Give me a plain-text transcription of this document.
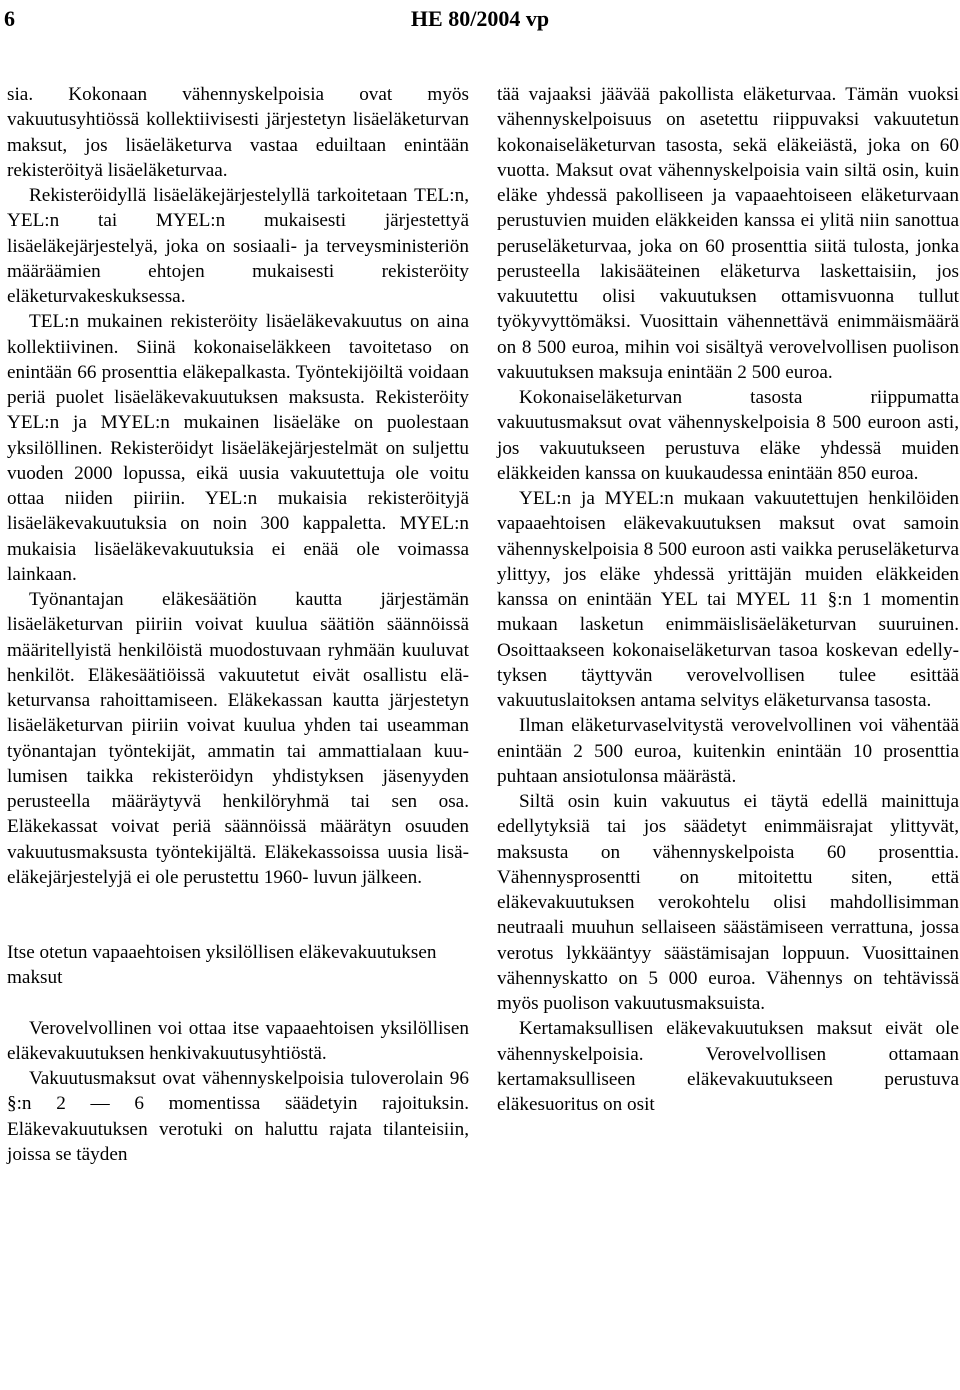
6	HE 80/2004 vp

sia. Kokonaan vähennyskelpoisia ovat myös vakuutusyhtiössä kollektiivisesti järjestetyn lisäeläketurvan maksut, jos lisäeläketurva vastaa eduiltaan enintään rekisteröityä lisäeläketurvaa.

Rekisteröidyllä lisäeläkejärjestelyllä tarkoitetaan TEL:n, YEL:n tai MYEL:n mukaisesti järjestettyä lisäeläkejärjestelyä, joka on sosiaali- ja terveysministeriön määräämien ehtojen mukaisesti rekisteröity eläketurvakeskuksessa.

TEL:n mukainen rekisteröity lisäeläkevakuutus on aina kollektiivinen. Siinä kokonaiseläkkeen tavoitetaso on enintään 66 prosenttia eläkepalkasta. Työntekijöiltä voidaan periä puolet lisäeläkevakuutuksen maksusta. Rekisteröity YEL:n ja MYEL:n mukainen lisäeläke on puolestaan yksilöllinen. Rekisteröidyt lisäeläkejärjestelmät on suljettu vuoden 2000 lopussa, eikä uusia vakuutettuja ole voitu ottaa niiden piiriin. YEL:n mukaisia rekisteröityjä lisäeläkevakuutuksia on noin 300 kappaletta. MYEL:n mukaisia lisäeläkevakuutuksia ei enää ole voimassa lainkaan.

Työnantajan eläkesäätiön kautta järjestämän lisäeläketurvan piiriin voivat kuulua säätiön säännöissä määritellyistä henkilöistä muodostuvaan ryhmään kuuluvat henkilöt. Eläkesäätiöissä vakuutetut eivät osallistu eläketurvansa rahoittamiseen. Eläkekassan kautta järjestetyn lisäeläketurvan piiriin voivat kuulua yhden tai useamman työnantajan työntekijät, ammatin tai ammattialaan kuulumisen taikka rekisteröidyn yhdistyksen jäsenyyden perusteella määräytyvä henkilöryhmä tai sen osa. Eläkekassat voivat periä säännöissä määrätyn osuuden vakuutusmaksusta työntekijältä. Eläkekassoissa uusia lisäeläkejärjestelyjä ei ole perustettu 1960- luvun jälkeen.

Itse otetun vapaaehtoisen yksilöllisen eläkevakuutuksen maksut

Verovelvollinen voi ottaa itse vapaaehtoisen yksilöllisen eläkevakuutuksen henkivakuutusyhtiöstä.

Vakuutusmaksut ovat vähennyskelpoisia tuloverolain 96 §:n 2 — 6 momentissa säädetyin rajoituksin. Eläkevakuutuksen verotuki on haluttu rajata tilanteisiin, joissa se täyden

tää vajaaksi jäävää pakollista eläketurvaa. Tämän vuoksi vähennyskelpoisuus on asetettu riippuvaksi vakuutetun kokonaiseläketurvan tasosta, sekä eläkeiästä, joka on 60 vuotta. Maksut ovat vähennyskelpoisia vain siltä osin, kuin eläke yhdessä pakolliseen ja vapaaehtoiseen eläketurvaan perustuvien muiden eläkkeiden kanssa ei ylitä niin sanottua peruseläketurvaa, joka on 60 prosenttia siitä tulosta, jonka perusteella lakisääteinen eläketurva laskettaisiin, jos vakuutettu olisi vakuutuksen ottamisvuonna tullut työkyvyttömäksi. Vuosittain vähennettävä enimmäismäärä on 8 500 euroa, mihin voi sisältyä verovelvollisen puolison vakuutuksen maksuja enintään 2 500 euroa.

Kokonaiseläketurvan tasosta riippumatta vakuutusmaksut ovat vähennyskelpoisia 8 500 euroon asti, jos vakuutukseen perustuva eläke yhdessä muiden eläkkeiden kanssa on kuukaudessa enintään 850 euroa.

YEL:n ja MYEL:n mukaan vakuutettujen henkilöiden vapaaehtoisen eläkevakuutuksen maksut ovat samoin vähennyskelpoisia 8 500 euroon asti vaikka peruseläketurva ylittyy, jos eläke yhdessä yrittäjän muiden eläkkeiden kanssa on enintään YEL tai MYEL 11 §:n 1 momentin mukaan lasketun enimmäislisäeläketurvan suuruinen. Osoittaakseen kokonaiseläketurvan tasoa koskevan edellytyksen täyttyvän verovelvollisen tulee esittää vakuutuslaitoksen antama selvitys eläketurvansa tasosta.

Ilman eläketurvaselvitystä verovelvollinen voi vähentää enintään 2 500 euroa, kuitenkin enintään 10 prosenttia puhtaan ansiotulonsa määrästä.

Siltä osin kuin vakuutus ei täytä edellä mainittuja edellytyksiä tai jos säädetyt enimmäisrajat ylittyvät, maksusta on vähennyskelpoista 60 prosenttia. Vähennysprosentti on mitoitettu siten, että eläkevakuutuksen verokohtelu olisi mahdollisimman neutraali muuhun sellaiseen säästämiseen verrattuna, jossa verotus lykkääntyy säästämisajan loppuun. Vuosittainen vähennyskatto on 5 000 euroa. Vähennys on tehtävissä myös puolison vakuutusmaksuista.

Kertamaksullisen eläkevakuutuksen maksut eivät ole vähennyskelpoisia. Verovelvollisen ottamaan kertamaksulliseen eläkevakuutukseen perustuva eläkesuoritus on osit
